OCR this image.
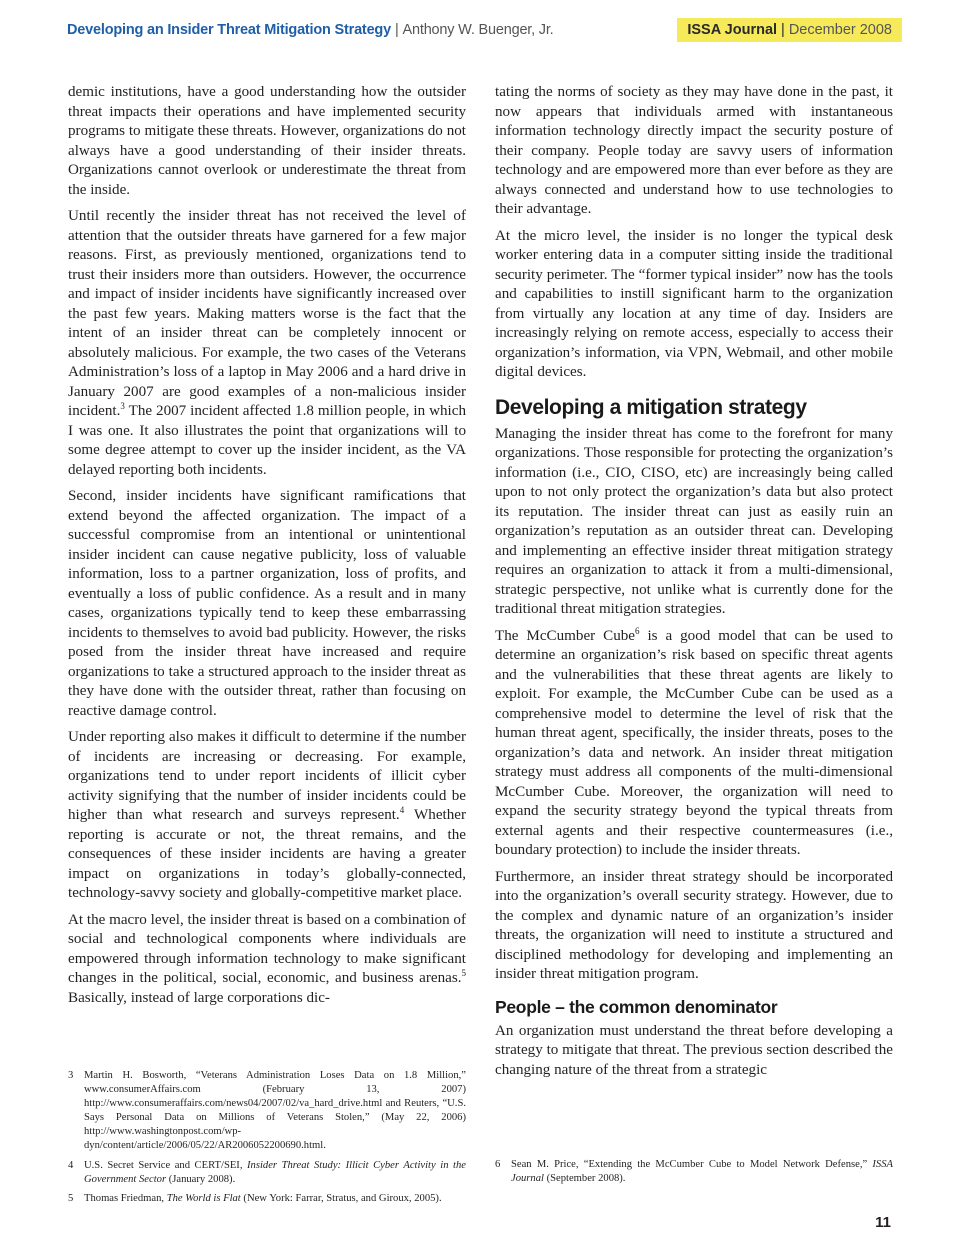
Developing an Insider Threat Mitigation Strategy | Anthony W. Buenger, Jr.	ISSA Journal | December 2008

demic institutions, have a good understanding how the outsider threat impacts their operations and have implemented security programs to mitigate these threats. However, organizations do not always have a good understanding of their insider threats. Organizations cannot overlook or underestimate the threat from the inside.

Until recently the insider threat has not received the level of attention that the outsider threats have garnered for a few major reasons. First, as previously mentioned, organizations tend to trust their insiders more than outsiders. However, the occurrence and impact of insider incidents have significantly increased over the past few years. Making matters worse is the fact that the intent of an insider threat can be completely innocent or absolutely malicious. For example, the two cases of the Veterans Administration’s loss of a laptop in May 2006 and a hard drive in January 2007 are good examples of a non-malicious insider incident.$^3$ The 2007 incident affected 1.8 million people, in which I was one. It also illustrates the point that organizations will to some degree attempt to cover up the insider incident, as the VA delayed reporting both incidents.

Second, insider incidents have significant ramifications that extend beyond the affected organization. The impact of a successful compromise from an intentional or unintentional insider incident can cause negative publicity, loss of valuable information, loss to a partner organization, loss of profits, and eventually a loss of public confidence. As a result and in many cases, organizations typically tend to keep these embarrassing incidents to themselves to avoid bad publicity. However, the risks posed from the insider threat have increased and require organizations to take a structured approach to the insider threat as they have done with the outsider threat, rather than focusing on reactive damage control.

Under reporting also makes it difficult to determine if the number of incidents are increasing or decreasing. For example, organizations tend to under report incidents of illicit cyber activity signifying that the number of insider incidents could be higher than what research and surveys represent.$^4$ Whether reporting is accurate or not, the threat remains, and the consequences of these insider incidents are having a greater impact on organizations in today’s globally-connected, technology-savvy society and globally-competitive market place.

At the macro level, the insider threat is based on a combination of social and technological components where individuals are empowered through information technology to make significant changes in the political, social, economic, and business arenas.$^5$ Basically, instead of large corporations dic-

tating the norms of society as they may have done in the past, it now appears that individuals armed with instantaneous information technology directly impact the security posture of their company. People today are savvy users of information technology and are empowered more than ever before as they are always connected and understand how to use technologies to their advantage.

At the micro level, the insider is no longer the typical desk worker entering data in a computer sitting inside the traditional security perimeter. The “former typical insider” now has the tools and capabilities to instill significant harm to the organization from virtually any location at any time of day. Insiders are increasingly relying on remote access, especially to access their organization’s information, via VPN, Webmail, and other mobile digital devices.

Developing a mitigation strategy

Managing the insider threat has come to the forefront for many organizations. Those responsible for protecting the organization’s information (i.e., CIO, CISO, etc) are increasingly being called upon to not only protect the organization’s data but also protect its reputation. The insider threat can just as easily ruin an organization’s reputation as an outsider threat can. Developing and implementing an effective insider threat mitigation strategy requires an organization to attack it from a multi-dimensional, strategic perspective, not unlike what is currently done for the traditional threat mitigation strategies.

The McCumber Cube$^6$ is a good model that can be used to determine an organization’s risk based on specific threat agents and the vulnerabilities that these threat agents are likely to exploit. For example, the McCumber Cube can be used as a comprehensive model to determine the level of risk that the human threat agent, specifically, the insider threats, poses to the organization’s data and network. An insider threat mitigation strategy must address all components of the multi-dimensional McCumber Cube. Moreover, the organization will need to expand the security strategy beyond the typical threats from external agents and their respective countermeasures (i.e., boundary protection) to include the insider threats.

Furthermore, an insider threat strategy should be incorporated into the organization’s overall security strategy. However, due to the complex and dynamic nature of an organization’s insider threats, the organization will need to institute a structured and disciplined methodology for developing and implementing an insider threat mitigation program.

People – the common denominator

An organization must understand the threat before developing a strategy to mitigate that threat. The previous section described the changing nature of the threat from a strategic

3	Martin H. Bosworth, “Veterans Administration Loses Data on 1.8 Million,” www.consumerAffairs.com (February 13, 2007) http://www.consumeraffairs.com/news04/2007/02/va_hard_drive.html and Reuters, “U.S. Says Personal Data on Millions of Veterans Stolen,” (May 22, 2006) http://www.washingtonpost.com/wp-dyn/content/article/2006/05/22/AR2006052200690.html.
4	U.S. Secret Service and CERT/SEI, Insider Threat Study: Illicit Cyber Activity in the Government Sector (January 2008).
5	Thomas Friedman, The World is Flat (New York: Farrar, Stratus, and Giroux, 2005).
6	Sean M. Price, “Extending the McCumber Cube to Model Network Defense,” ISSA Journal (September 2008).
11
